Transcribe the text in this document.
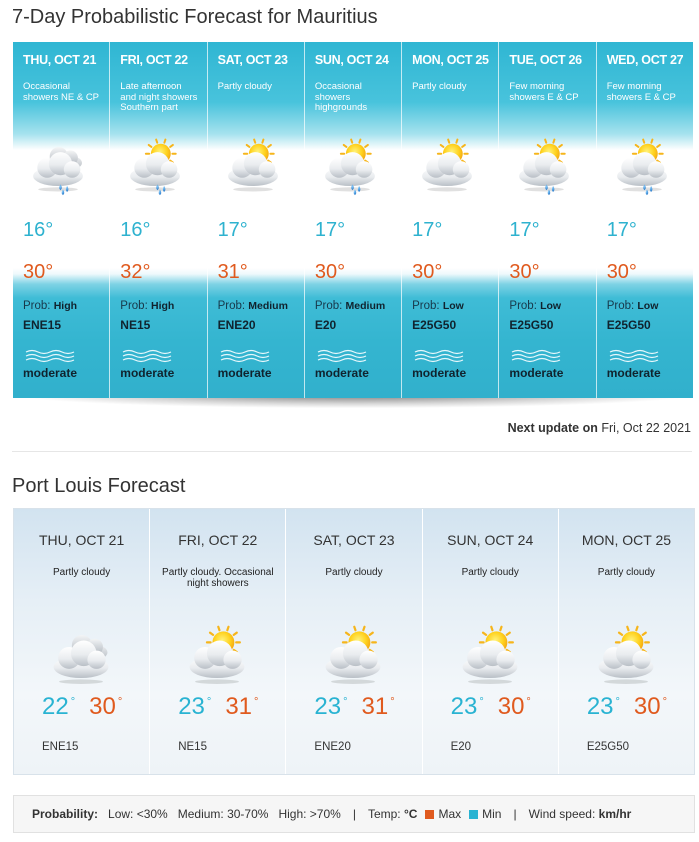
7-Day Probabilistic Forecast for Mauritius
THU, OCT 21
Occasional showers NE & CP
16°
30°
Prob: High
ENE15
moderate
FRI, OCT 22
Late afternoon and night showers Southern part
16°
32°
Prob: High
NE15
moderate
SAT, OCT 23
Partly cloudy
17°
31°
Prob: Medium
ENE20
moderate
SUN, OCT 24
Occasional showers highgrounds
17°
30°
Prob: Medium
E20
moderate
MON, OCT 25
Partly cloudy
17°
30°
Prob: Low
E25G50
moderate
TUE, OCT 26
Few morning showers E & CP
17°
30°
Prob: Low
E25G50
moderate
WED, OCT 27
Few morning showers E & CP
17°
30°
Prob: Low
E25G50
moderate
Next update on Fri, Oct 22 2021
Port Louis Forecast
THU, OCT 21
Partly cloudy
22 ° 30 °
ENE15
FRI, OCT 22
Partly cloudy. Occasional night showers
23 ° 31 °
NE15
SAT, OCT 23
Partly cloudy
23 ° 31 °
ENE20
SUN, OCT 24
Partly cloudy
23 ° 30 °
E20
MON, OCT 25
Partly cloudy
23 ° 30 °
E25G50
Probability: Low: <30% Medium: 30-70% High: >70% | Temp:
°C Max Min | Wind speed:
km/hr
